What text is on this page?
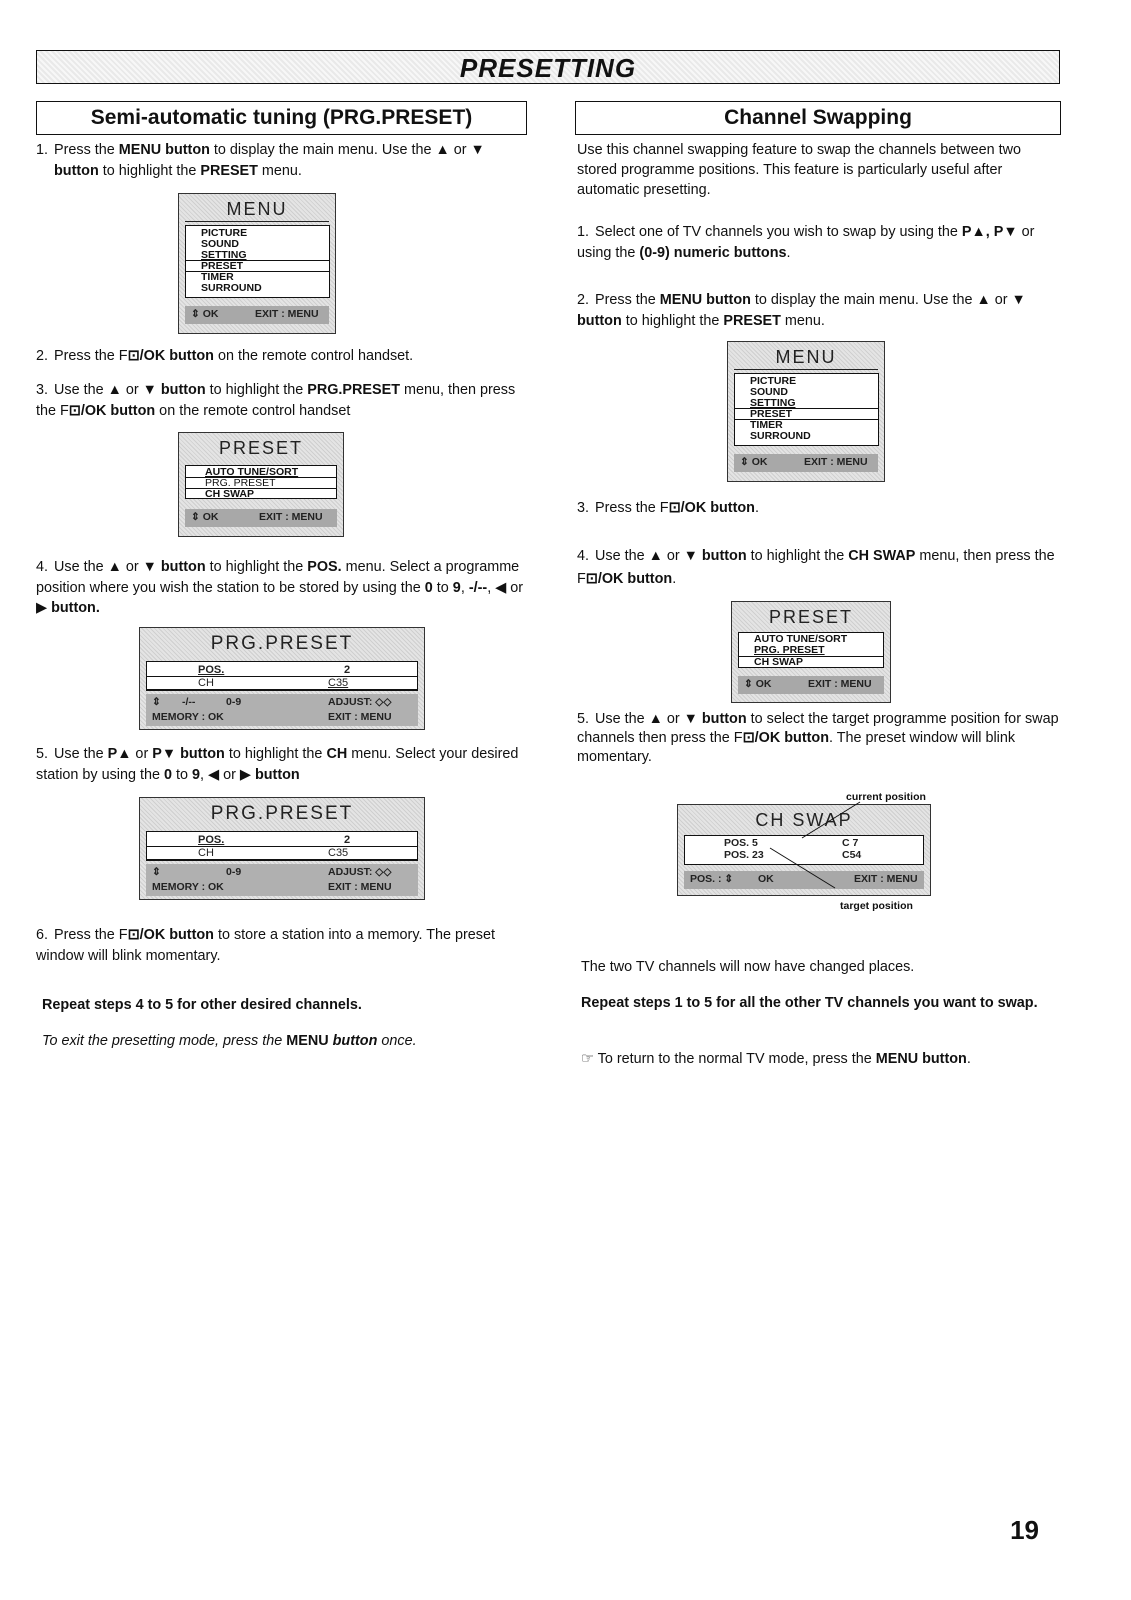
PRESETTING
Semi-automatic tuning (PRG.PRESET)
1. Press the MENU button to display the main menu. Use the ▲ or ▼
button to highlight the PRESET menu.
MENU
PICTURE
SOUND
SETTING
PRESET
TIMER
SURROUND
⇕ OK	EXIT : MENU
2. Press the F⊡/OK button on the remote control handset.
3. Use the ▲ or ▼ button to highlight the PRG.PRESET menu, then press the F⊡/OK button on the remote control handset
PRESET
AUTO TUNE/SORT
PRG. PRESET
CH SWAP
⇕ OK	EXIT : MENU
4. Use the ▲ or ▼ button to highlight the POS. menu. Select a programme position where you wish the station to be stored by using the 0 to 9, -/--, ◀ or ▶ button.
PRG.PRESET
POS.	2
CH	C35
⇕ -/--	0-9	ADJUST: ◇◇
MEMORY : OK	EXIT : MENU
5. Use the P▲ or P▼ button to highlight the CH menu. Select your desired station by using the 0 to 9, ◀ or ▶ button
PRG.PRESET
POS.	2
CH	C35
⇕	0-9	ADJUST: ◇◇
MEMORY : OK	EXIT : MENU
6. Press the F⊡/OK button to store a station into a memory. The preset window will blink momentary.
Repeat steps 4 to 5 for other desired channels.
To exit the presetting mode, press the MENU button once.
Channel Swapping
Use this channel swapping feature to swap the channels between two stored programme positions. This feature is particularly useful after automatic presetting.
1. Select one of TV channels you wish to swap by using the P▲, P▼ or using the (0-9) numeric buttons.
2. Press the MENU button to display the main menu. Use the ▲ or ▼ button to highlight the PRESET menu.
MENU
PICTURE
SOUND
SETTING
PRESET
TIMER
SURROUND
⇕ OK	EXIT : MENU
3. Press the F⊡/OK button.
4. Use the ▲ or ▼ button to highlight the CH SWAP menu, then press the F⊡/OK button.
PRESET
AUTO TUNE/SORT
PRG. PRESET
CH SWAP
⇕ OK	EXIT : MENU
5. Use the ▲ or ▼ button to select the target programme position for swap channels then press the F⊡/OK button. The preset window will blink momentary.
current position
CH SWAP
POS. 5	C 7
POS. 23	C54
POS. : ⇕ OK	EXIT : MENU
target position
The two TV channels will now have changed places.
Repeat steps 1 to 5 for all the other TV channels you want to swap.
☞ To return to the normal TV mode, press the MENU button.
19
